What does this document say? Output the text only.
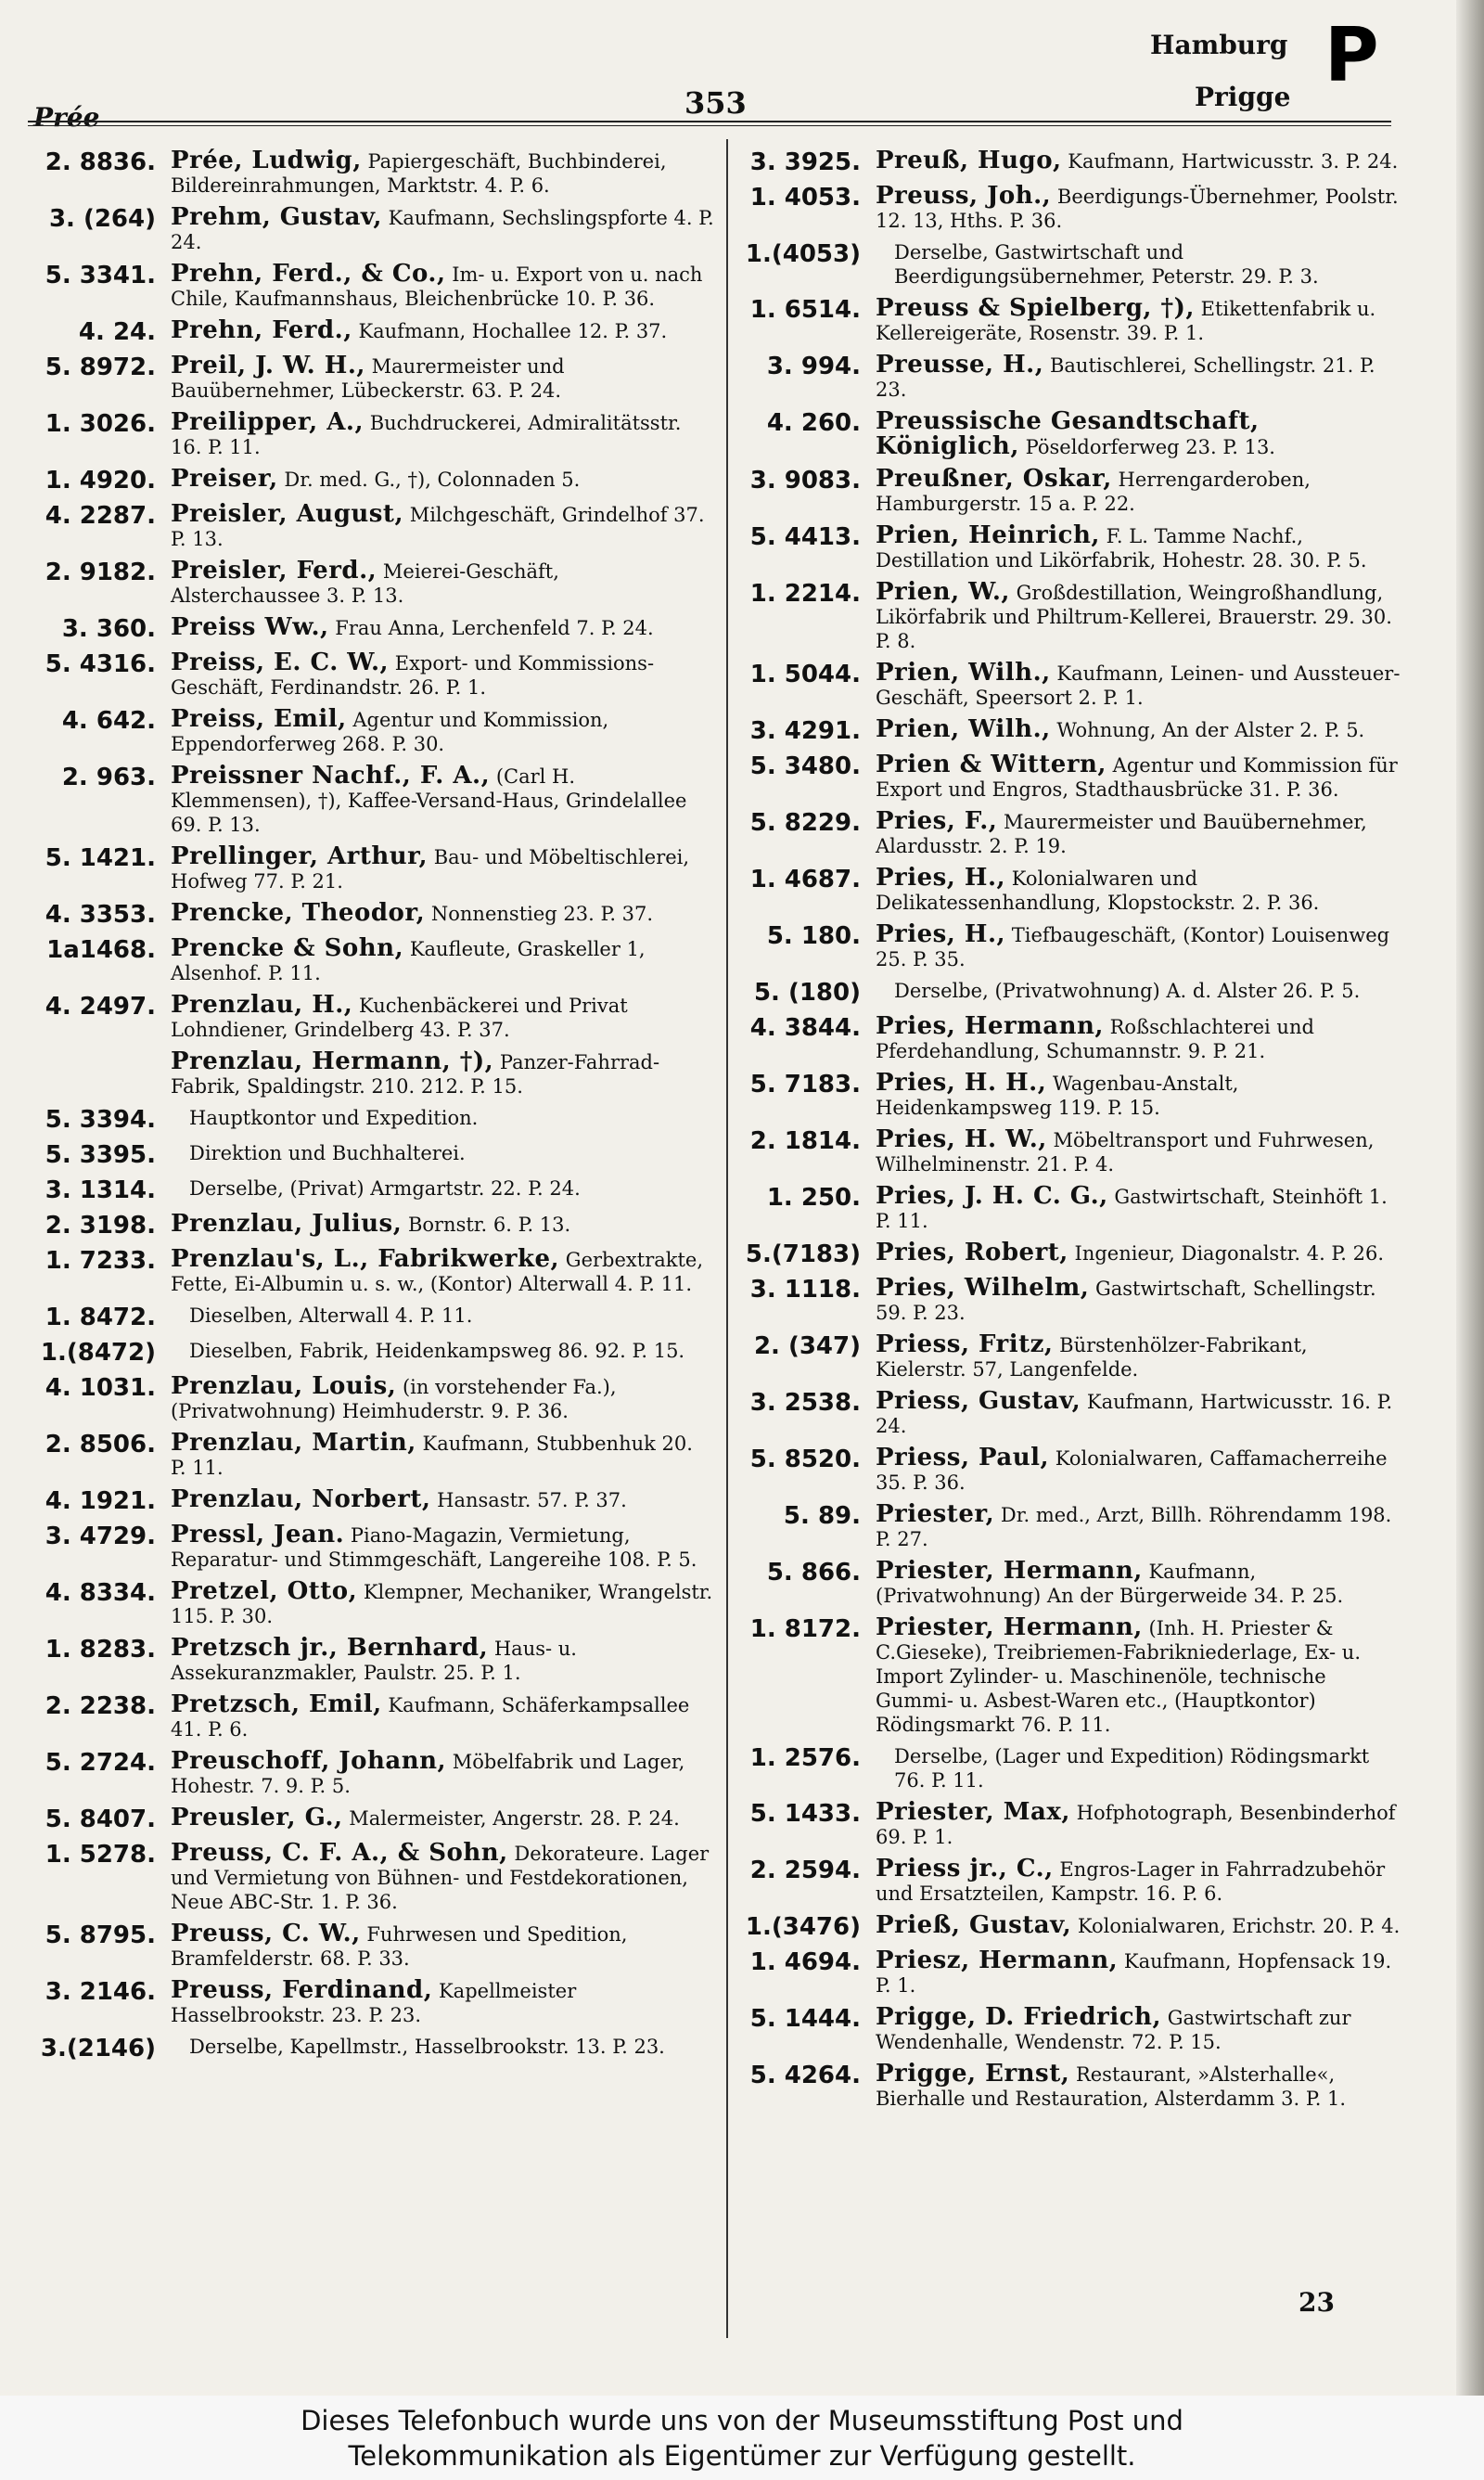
Prée	353
Hamburg
Prigge P
2. 8836. Prée, Ludwig, Papiergeschäft, Buchbinderei, Bildereinrahmungen, Marktstr. 4. P. 6.
3. (264) Prehm, Gustav, Kaufmann, Sechslingspforte 4. P. 24.
5. 3341. Prehn, Ferd., & Co., Im- u. Export von u. nach Chile, Kaufmannshaus, Bleichenbrücke 10. P. 36.
4. 24. Prehn, Ferd., Kaufmann, Hochallee 12. P. 37.
5. 8972. Preil, J. W. H., Maurermeister und Bauübernehmer, Lübeckerstr. 63. P. 24.
1. 3026. Preilipper, A., Buchdruckerei, Admiralitätsstr. 16. P. 11.
1. 4920. Preiser, Dr. med. G., †), Colonnaden 5.
4. 2287. Preisler, August, Milchgeschäft, Grindelhof 37. P. 13.
2. 9182. Preisler, Ferd., Meierei-Geschäft, Alsterchaussee 3. P. 13.
3. 360. Preiss Ww., Frau Anna, Lerchenfeld 7. P. 24.
5. 4316. Preiss, E. C. W., Export- und Kommissions-Geschäft, Ferdinandstr. 26. P. 1.
4. 642. Preiss, Emil, Agentur und Kommission, Eppendorferweg 268. P. 30.
2. 963. Preissner Nachf., F. A., (Carl H. Klemmensen), †), Kaffee-Versand-Haus, Grindelallee 69. P. 13.
5. 1421. Prellinger, Arthur, Bau- und Möbeltischlerei, Hofweg 77. P. 21.
4. 3353. Prencke, Theodor, Nonnenstieg 23. P. 37.
1a1468. Prencke & Sohn, Kaufleute, Graskeller 1, Alsenhof. P. 11.
4. 2497. Prenzlau, H., Kuchenbäckerei und Privat Lohndiener, Grindelberg 43. P. 37.
Prenzlau, Hermann, †), Panzer-Fahrrad-Fabrik, Spaldingstr. 210. 212. P. 15.
5. 3394.	Hauptkontor und Expedition.
5. 3395.	Direktion und Buchhalterei.
3. 1314.	Derselbe, (Privat) Armgartstr. 22. P. 24.
2. 3198. Prenzlau, Julius, Bornstr. 6. P. 13.
1. 7233. Prenzlau's, L., Fabrikwerke, Gerbextrakte, Fette, Ei-Albumin u. s. w., (Kontor) Alterwall 4. P. 11.
1. 8472.	Dieselben, Alterwall 4. P. 11.
1.(8472)	Dieselben, Fabrik, Heidenkampsweg 86. 92. P. 15.
4. 1031. Prenzlau, Louis, (in vorstehender Fa.), (Privatwohnung) Heimhuderstr. 9. P. 36.
2. 8506. Prenzlau, Martin, Kaufmann, Stubbenhuk 20. P. 11.
4. 1921. Prenzlau, Norbert, Hansastr. 57. P. 37.
3. 4729. Pressl, Jean. Piano-Magazin, Vermietung, Reparatur- und Stimmgeschäft, Langereihe 108. P. 5.
4. 8334. Pretzel, Otto, Klempner, Mechaniker, Wrangelstr. 115. P. 30.
1. 8283. Pretzsch jr., Bernhard, Haus- u. Assekuranzmakler, Paulstr. 25. P. 1.
2. 2238. Pretzsch, Emil, Kaufmann, Schäferkampsallee 41. P. 6.
5. 2724. Preuschoff, Johann, Möbelfabrik und Lager, Hohestr. 7. 9. P. 5.
5. 8407. Preusler, G., Malermeister, Angerstr. 28. P. 24.
1. 5278. Preuss, C. F. A., & Sohn, Dekorateure. Lager und Vermietung von Bühnen- und Festdekorationen, Neue ABC-Str. 1. P. 36.
5. 8795. Preuss, C. W., Fuhrwesen und Spedition, Bramfelderstr. 68. P. 33.
3. 2146. Preuss, Ferdinand, Kapellmeister Hasselbrookstr. 23. P. 23.
3.(2146)	Derselbe, Kapellmstr., Hasselbrookstr. 13. P. 23.
3. 3925. Preuß, Hugo, Kaufmann, Hartwicusstr. 3. P. 24.
1. 4053. Preuss, Joh., Beerdigungs-Übernehmer, Poolstr. 12. 13, Hths. P. 36.
1.(4053)	Derselbe, Gastwirtschaft und Beerdigungsübernehmer, Peterstr. 29. P. 3.
1. 6514. Preuss & Spielberg, †), Etikettenfabrik u. Kellereigeräte, Rosenstr. 39. P. 1.
3. 994. Preusse, H., Bautischlerei, Schellingstr. 21. P. 23.
4. 260. Preussische Gesandtschaft, Königlich, Pöseldorferweg 23. P. 13.
3. 9083. Preußner, Oskar, Herrengarderoben, Hamburgerstr. 15 a. P. 22.
5. 4413. Prien, Heinrich, F. L. Tamme Nachf., Destillation und Likörfabrik, Hohestr. 28. 30. P. 5.
1. 2214. Prien, W., Großdestillation, Weingroßhandlung, Likörfabrik und Philtrum-Kellerei, Brauerstr. 29. 30. P. 8.
1. 5044. Prien, Wilh., Kaufmann, Leinen- und Aussteuer-Geschäft, Speersort 2. P. 1.
3. 4291. Prien, Wilh., Wohnung, An der Alster 2. P. 5.
5. 3480. Prien & Wittern, Agentur und Kommission für Export und Engros, Stadthausbrücke 31. P. 36.
5. 8229. Pries, F., Maurermeister und Bauübernehmer, Alardusstr. 2. P. 19.
1. 4687. Pries, H., Kolonialwaren und Delikatessenhandlung, Klopstockstr. 2. P. 36.
5. 180. Pries, H., Tiefbaugeschäft, (Kontor) Louisenweg 25. P. 35.
5. (180)	Derselbe, (Privatwohnung) A. d. Alster 26. P. 5.
4. 3844. Pries, Hermann, Roßschlachterei und Pferdehandlung, Schumannstr. 9. P. 21.
5. 7183. Pries, H. H., Wagenbau-Anstalt, Heidenkampsweg 119. P. 15.
2. 1814. Pries, H. W., Möbeltransport und Fuhrwesen, Wilhelminenstr. 21. P. 4.
1. 250. Pries, J. H. C. G., Gastwirtschaft, Steinhöft 1. P. 11.
5.(7183) Pries, Robert, Ingenieur, Diagonalstr. 4. P. 26.
3. 1118. Pries, Wilhelm, Gastwirtschaft, Schellingstr. 59. P. 23.
2. (347) Priess, Fritz, Bürstenhölzer-Fabrikant, Kielerstr. 57, Langenfelde.
3. 2538. Priess, Gustav, Kaufmann, Hartwicusstr. 16. P. 24.
5. 8520. Priess, Paul, Kolonialwaren, Caffamacherreihe 35. P. 36.
5. 89. Priester, Dr. med., Arzt, Billh. Röhrendamm 198. P. 27.
5. 866. Priester, Hermann, Kaufmann, (Privatwohnung) An der Bürgerweide 34. P. 25.
1. 8172. Priester, Hermann, (Inh. H. Priester & C.Gieseke), Treibriemen-Fabrikniederlage, Ex- u. Import Zylinder- u. Maschinenöle, technische Gummi- u. Asbest-Waren etc., (Hauptkontor) Rödingsmarkt 76. P. 11.
1. 2576.	Derselbe, (Lager und Expedition) Rödingsmarkt 76. P. 11.
5. 1433. Priester, Max, Hofphotograph, Besenbinderhof 69. P. 1.
2. 2594. Priess jr., C., Engros-Lager in Fahrradzubehör und Ersatzteilen, Kampstr. 16. P. 6.
1.(3476) Prieß, Gustav, Kolonialwaren, Erichstr. 20. P. 4.
1. 4694. Priesz, Hermann, Kaufmann, Hopfensack 19. P. 1.
5. 1444. Prigge, D. Friedrich, Gastwirtschaft zur Wendenhalle, Wendenstr. 72. P. 15.
5. 4264. Prigge, Ernst, Restaurant, »Alsterhalle«, Bierhalle und Restauration, Alsterdamm 3. P. 1.
23
Dieses Telefonbuch wurde uns von der Museumsstiftung Post und
Telekommunikation als Eigentümer zur Verfügung gestellt.
